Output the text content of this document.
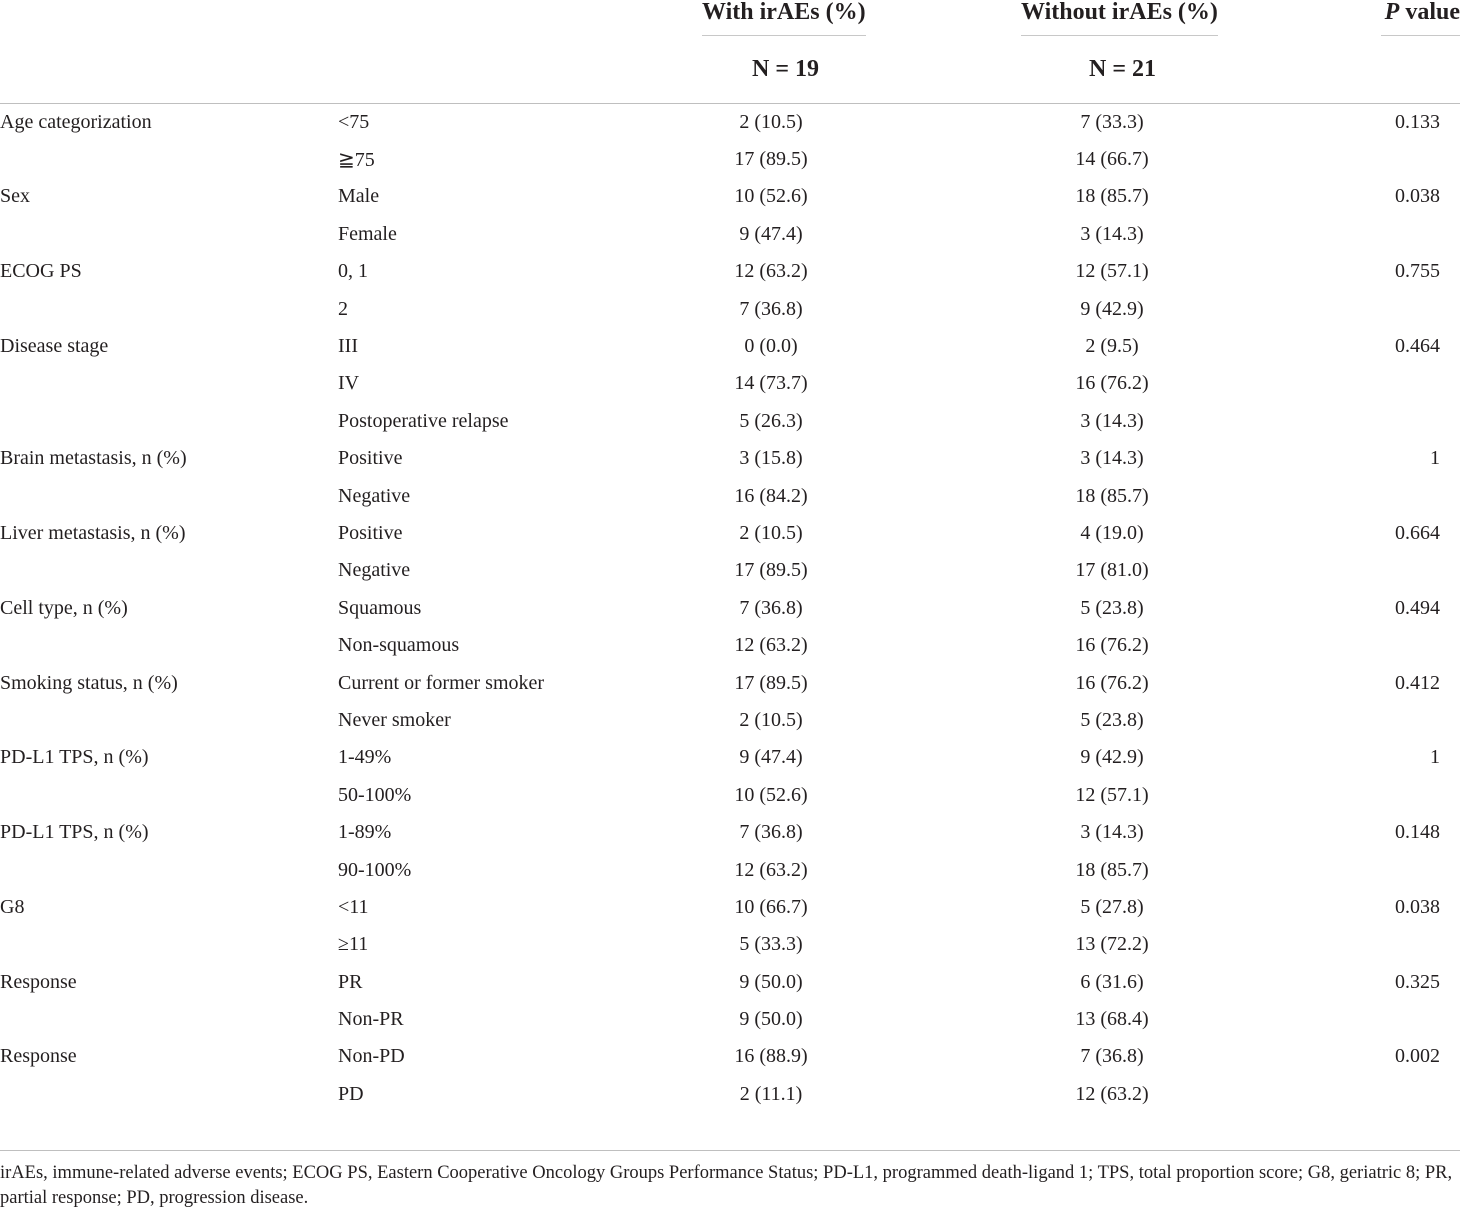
		With irAEs (%)	Without irAEs (%)	P value
		N = 19	N = 21	

Age categorization	<75	2 (10.5)	7 (33.3)	0.133
	≧75	17 (89.5)	14 (66.7)	
Sex	Male	10 (52.6)	18 (85.7)	0.038
	Female	9 (47.4)	3 (14.3)	
ECOG PS	0, 1	12 (63.2)	12 (57.1)	0.755
	2	7 (36.8)	9 (42.9)	
Disease stage	III	0 (0.0)	2 (9.5)	0.464
	IV	14 (73.7)	16 (76.2)	
	Postoperative relapse	5 (26.3)	3 (14.3)	
Brain metastasis, n (%)	Positive	3 (15.8)	3 (14.3)	1
	Negative	16 (84.2)	18 (85.7)	
Liver metastasis, n (%)	Positive	2 (10.5)	4 (19.0)	0.664
	Negative	17 (89.5)	17 (81.0)	
Cell type, n (%)	Squamous	7 (36.8)	5 (23.8)	0.494
	Non-squamous	12 (63.2)	16 (76.2)	
Smoking status, n (%)	Current or former smoker	17 (89.5)	16 (76.2)	0.412
	Never smoker	2 (10.5)	5 (23.8)	
PD-L1 TPS, n (%)	1-49%	9 (47.4)	9 (42.9)	1
	50-100%	10 (52.6)	12 (57.1)	
PD-L1 TPS, n (%)	1-89%	7 (36.8)	3 (14.3)	0.148
	90-100%	12 (63.2)	18 (85.7)	
G8	<11	10 (66.7)	5 (27.8)	0.038
	≥11	5 (33.3)	13 (72.2)	
Response	PR	9 (50.0)	6 (31.6)	0.325
	Non-PR	9 (50.0)	13 (68.4)	
Response	Non-PD	16 (88.9)	7 (36.8)	0.002
	PD	2 (11.1)	12 (63.2)	
irAEs, immune-related adverse events; ECOG PS, Eastern Cooperative Oncology Groups Performance Status; PD-L1, programmed death-ligand 1; TPS, total proportion score; G8, geriatric 8; PR, partial response; PD, progression disease.
